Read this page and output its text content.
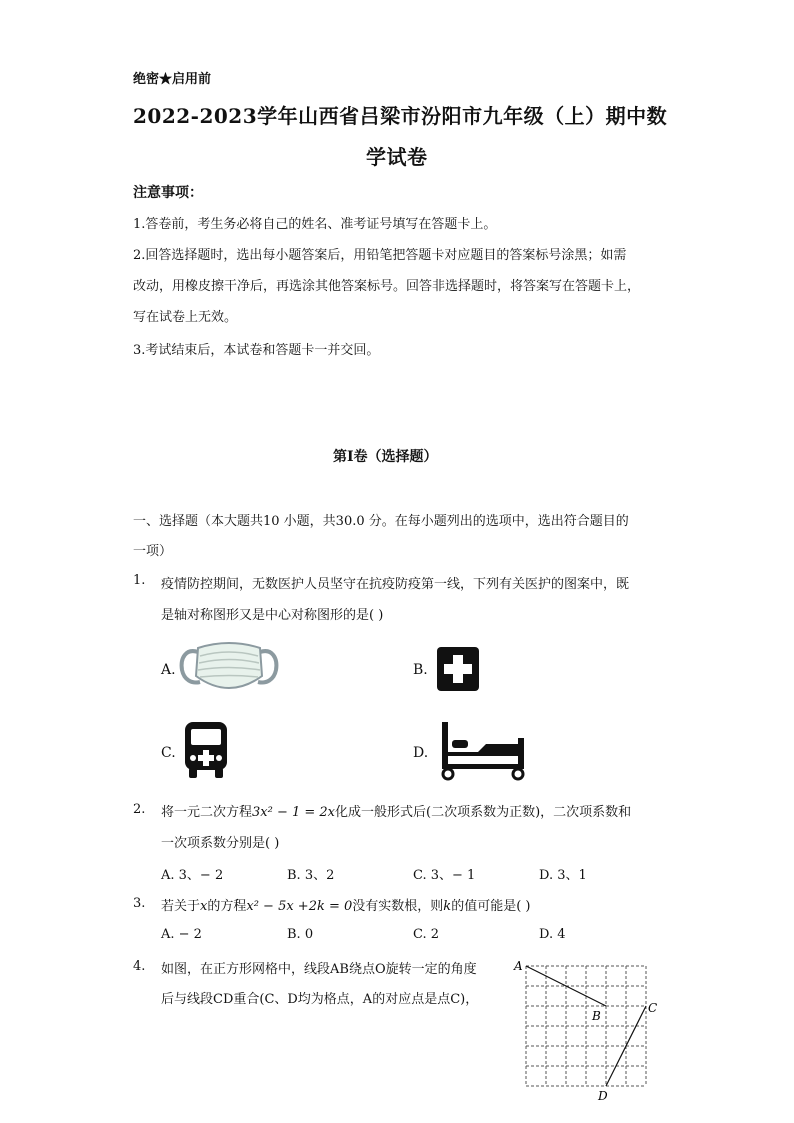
绝密★启用前
2022-2023学年山西省吕梁市汾阳市九年级（上）期中数
学试卷
注意事项：
1.答卷前，考生务必将自己的姓名、准考证号填写在答题卡上。
2.回答选择题时，选出每小题答案后，用铅笔把答题卡对应题目的答案标号涂黑；如需
改动，用橡皮擦干净后，再选涂其他答案标号。回答非选择题时，将答案写在答题卡上，
写在试卷上无效。
3.考试结束后，本试卷和答题卡一并交回。
第Ⅰ卷（选择题）
一、选择题（本大题共10 小题，共30.0 分。在每小题列出的选项中，选出符合题目的
一项）
1. 疫情防控期间，无数医护人员坚守在抗疫防疫第一线，下列有关医护的图案中，既
是轴对称图形又是中心对称图形的是( )
A.	B.
C.	D.
2. 将一元二次方程3x² − 1 = 2x化成一般形式后(二次项系数为正数)，二次项系数和
一次项系数分别是( )
A. 3、− 2	B. 3、2	C. 3、− 1	D. 3、1
3. 若关于x的方程x² − 5x +2k = 0没有实数根，则k的值可能是( )
A. − 2	B. 0	C. 2	D. 4
4. 如图，在正方形网格中，线段AB绕点O旋转一定的角度
后与线段CD重合(C、D均为格点，A的对应点是点C)，
A
B
C
D
